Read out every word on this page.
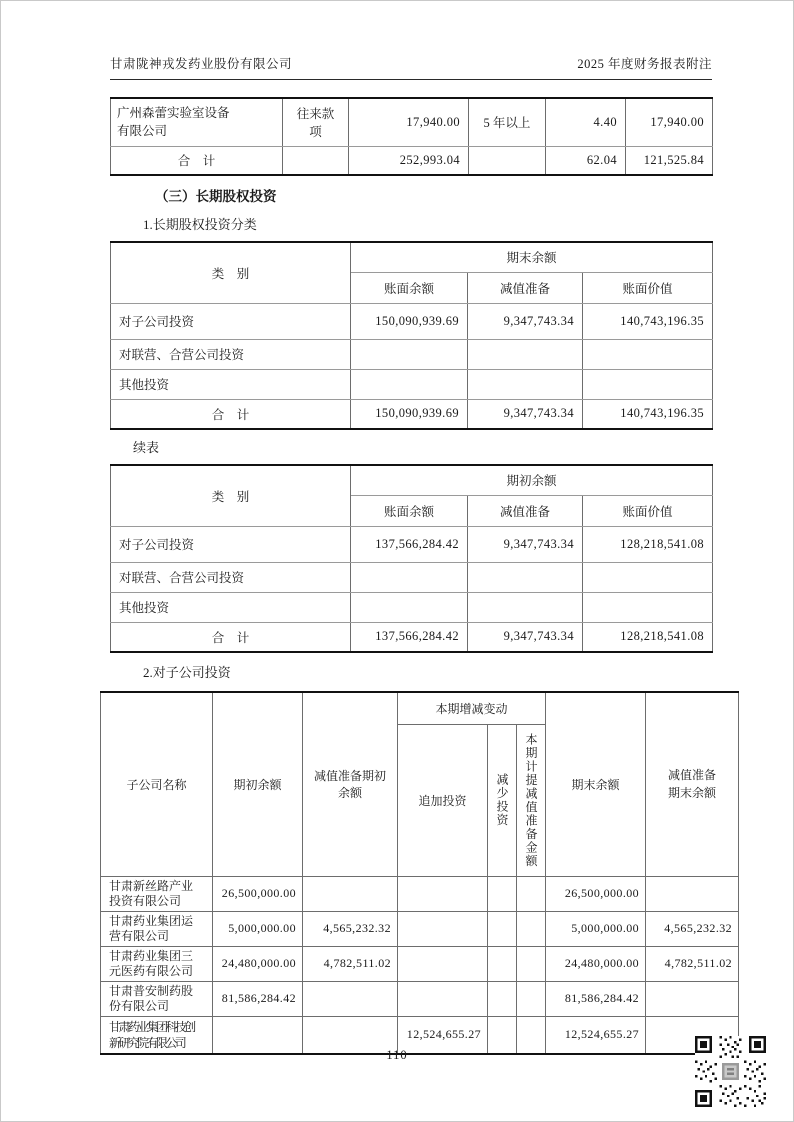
甘肃陇神戎发药业股份有限公司	2025 年度财务报表附注
广州森蕾实验室设备有限公司	往来款项	17,940.00	5 年以上	4.40	17,940.00
合　计		252,993.04		62.04	121,525.84
（三）长期股权投资
1.长期股权投资分类
类　别	期末余额		
	账面余额	减值准备	账面价值
对子公司投资	150,090,939.69	9,347,743.34	140,743,196.35
对联营、合营公司投资			
其他投资			
合　计	150,090,939.69	9,347,743.34	140,743,196.35
续表
类　别	期初余额		
	账面余额	减值准备	账面价值
对子公司投资	137,566,284.42	9,347,743.34	128,218,541.08
对联营、合营公司投资			
其他投资			
合　计	137,566,284.42	9,347,743.34	128,218,541.08
2.对子公司投资
子公司名称	期初余额	减值准备期初余额	本期增减变动			期末余额	减值准备期末余额
			追加投资	减少投资	本期计提减值准备金额		

甘肃新丝路产业投资有限公司	26,500,000.00					26,500,000.00	
甘肃药业集团运营有限公司	5,000,000.00	4,565,232.32				5,000,000.00	4,565,232.32
甘肃药业集团三元医药有限公司	24,480,000.00	4,782,511.02				24,480,000.00	4,782,511.02
甘肃普安制药股份有限公司	81,586,284.42					81,586,284.42	
甘肃药业集团科技创新研究院有限公司			12,524,655.27			12,524,655.27	
110
